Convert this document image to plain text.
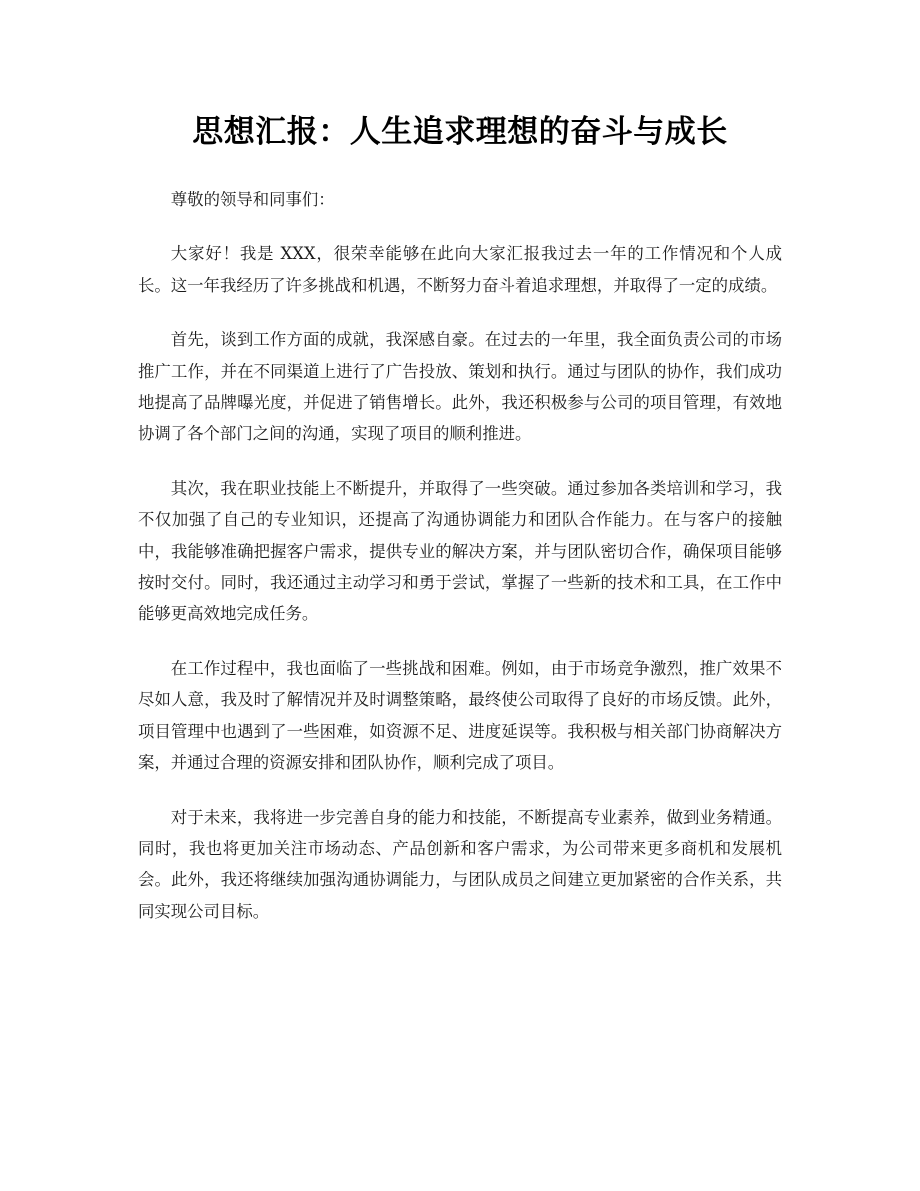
思想汇报：人生追求理想的奋斗与成长

尊敬的领导和同事们：

大家好！我是 XXX，很荣幸能够在此向大家汇报我过去一年的工作情况和个人成长。这一年我经历了许多挑战和机遇，不断努力奋斗着追求理想，并取得了一定的成绩。

首先，谈到工作方面的成就，我深感自豪。在过去的一年里，我全面负责公司的市场推广工作，并在不同渠道上进行了广告投放、策划和执行。通过与团队的协作，我们成功地提高了品牌曝光度，并促进了销售增长。此外，我还积极参与公司的项目管理，有效地协调了各个部门之间的沟通，实现了项目的顺利推进。

其次，我在职业技能上不断提升，并取得了一些突破。通过参加各类培训和学习，我不仅加强了自己的专业知识，还提高了沟通协调能力和团队合作能力。在与客户的接触中，我能够准确把握客户需求，提供专业的解决方案，并与团队密切合作，确保项目能够按时交付。同时，我还通过主动学习和勇于尝试，掌握了一些新的技术和工具，在工作中能够更高效地完成任务。

在工作过程中，我也面临了一些挑战和困难。例如，由于市场竞争激烈，推广效果不尽如人意，我及时了解情况并及时调整策略，最终使公司取得了良好的市场反馈。此外，项目管理中也遇到了一些困难，如资源不足、进度延误等。我积极与相关部门协商解决方案，并通过合理的资源安排和团队协作，顺利完成了项目。

对于未来，我将进一步完善自身的能力和技能，不断提高专业素养，做到业务精通。同时，我也将更加关注市场动态、产品创新和客户需求，为公司带来更多商机和发展机会。此外，我还将继续加强沟通协调能力，与团队成员之间建立更加紧密的合作关系，共同实现公司目标。
